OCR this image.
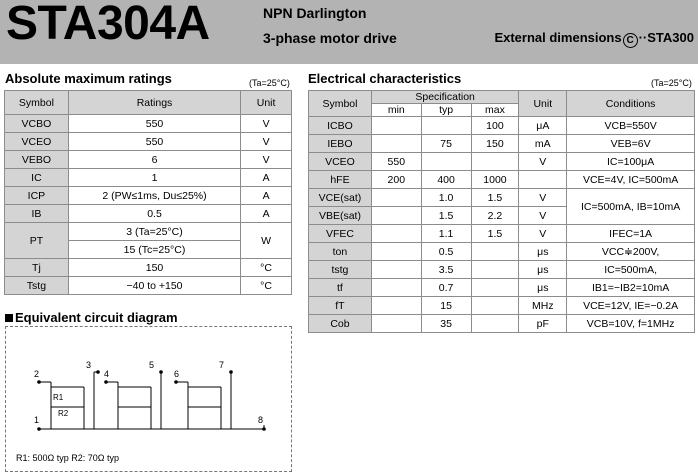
STA304A	NPN Darlington
3-phase motor drive	External dimensions C ··STA300
Absolute maximum ratings	(Ta=25°C)
Symbol	Ratings	Unit
VCBO	550	V
VCEO	550	V
VEBO	6	V
IC	1	A
ICP	2 (PW≤1ms, Du≤25%)	A
IB	0.5	A
PT	3 (Ta=25°C)	W
	15 (Tc=25°C)	
Tj	150	°C
Tstg	−40 to +150	°C
Electrical characteristics	(Ta=25°C)
Symbol	Specification			Unit	Conditions
	min	typ	max		
ICBO			100	μA	VCB=550V
IEBO		75	150	mA	VEB=6V
VCEO	550			V	IC=100μA
hFE	200	400	1000		VCE=4V, IC=500mA
VCE(sat)		1.0	1.5	V	IC=500mA, IB=10mA
VBE(sat)		1.5	2.2	V	
VFEC		1.1	1.5	V	IFEC=1A
ton		0.5		μs	VCC≑200V,
tstg		3.5		μs	IC=500mA,
tf		0.7		μs	IB1=−IB2=10mA
fT		15		MHz	VCE=12V, IE=−0.2A
Cob		35		pF	VCB=10V, f=1MHz
Equivalent circuit diagram
1
2
3
4
5
6
7
8
R1
R2
R1: 500Ω typ R2: 70Ω typ
